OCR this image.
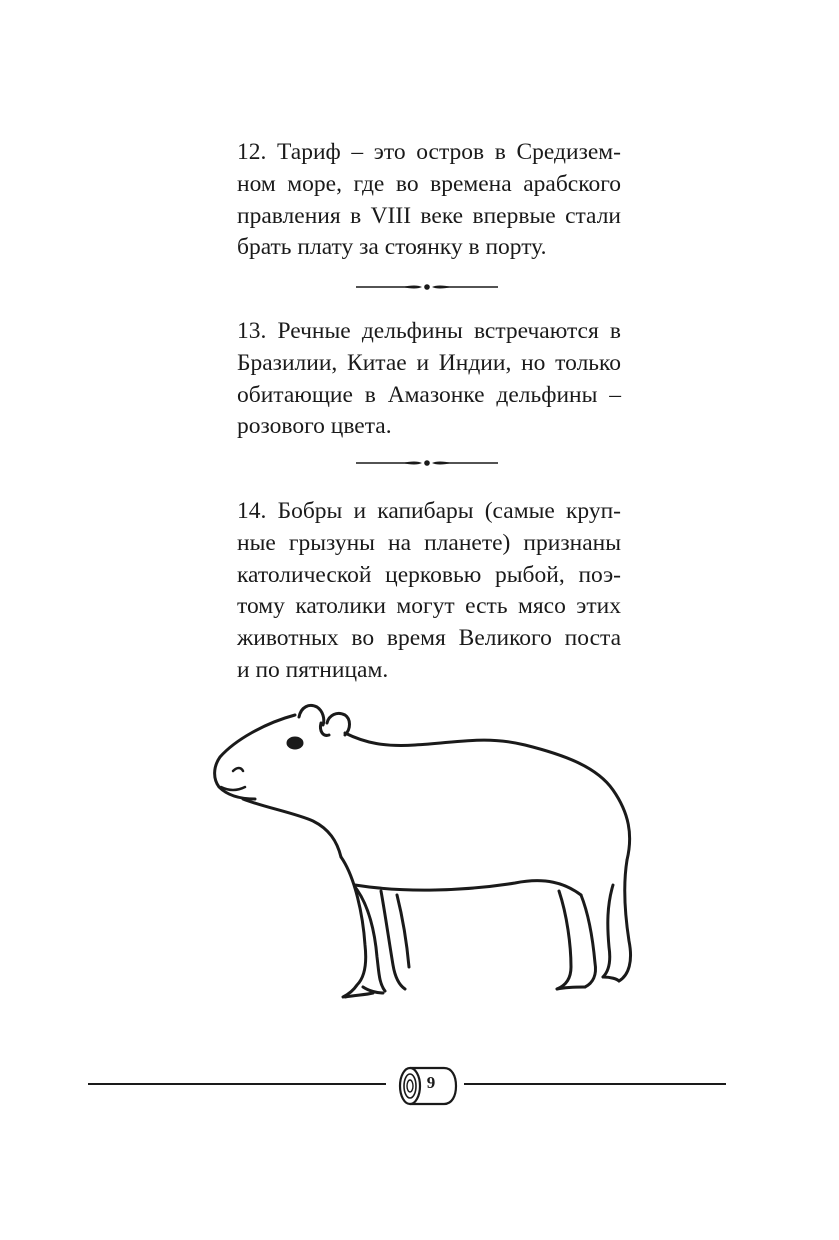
12. Тариф – это остров в Средизем-
ном море, где во времена арабского
правления в VIII веке впервые стали
брать плату за стоянку в порту.

13. Речные дельфины встречаются в
Бразилии, Китае и Индии, но только
обитающие в Амазонке дельфины –
розового цвета.

14. Бобры и капибары (самые круп-
ные грызуны на планете) признаны
католической церковью рыбой, поэ-
тому католики могут есть мясо этих
животных во время Великого поста
и по пятницам.

9
